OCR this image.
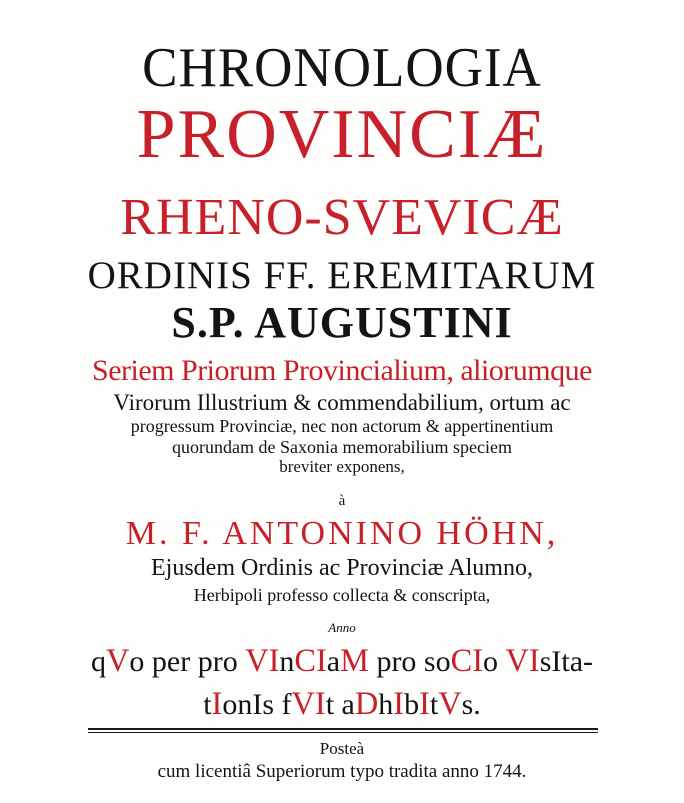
CHRONOLOGIA
PROVINCIÆ
RHENO-SVEVICÆ
ORDINIS FF. EREMITARUM
S.P. AUGUSTINI
Seriem Priorum Provincialium, aliorumque
Virorum Illustrium & commendabilium, ortum ac
progressum Provinciæ, nec non actorum & appertinentium
quorundam de Saxonia memorabilium speciem
breviter exponens,
à
M. F. ANTONINO HÖHN,
Ejusdem Ordinis ac Provinciæ Alumno,
Herbipoli professo collecta & conscripta,
Anno
qVo per pro VInCIaM pro soCIo VIsIta-
tIonIs fVIt aDhIbItVs.
Posteà
cum licentiâ Superiorum typo tradita anno 1744.
